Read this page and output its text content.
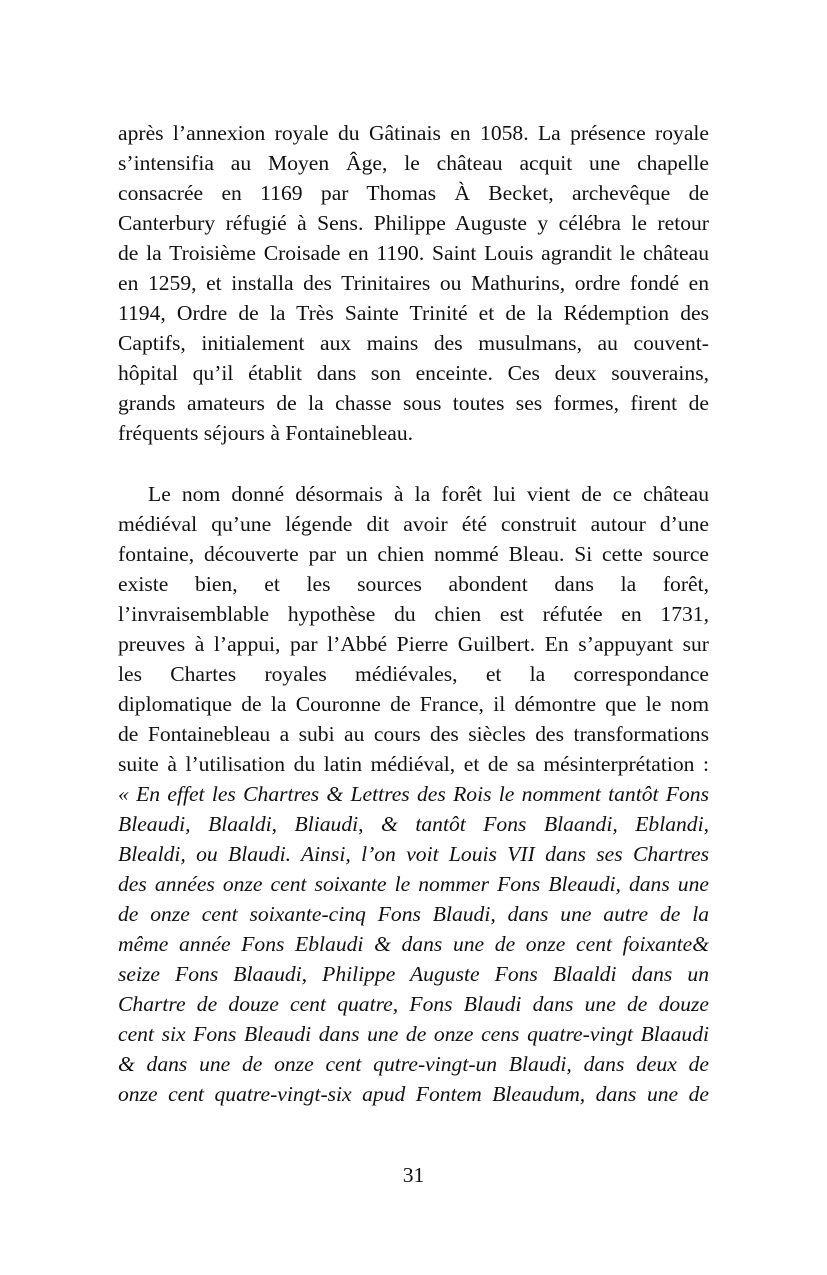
après l’annexion royale du Gâtinais en 1058. La présence royale
s’intensifia au Moyen Âge, le château acquit une chapelle
consacrée en 1169 par Thomas À Becket, archevêque de
Canterbury réfugié à Sens. Philippe Auguste y célébra le retour
de la Troisième Croisade en 1190. Saint Louis agrandit le château
en 1259, et installa des Trinitaires ou Mathurins, ordre fondé en
1194, Ordre de la Très Sainte Trinité et de la Rédemption des
Captifs, initialement aux mains des musulmans, au couvent-
hôpital qu’il établit dans son enceinte. Ces deux souverains,
grands amateurs de la chasse sous toutes ses formes, firent de
fréquents séjours à Fontainebleau.
Le nom donné désormais à la forêt lui vient de ce château
médiéval qu’une légende dit avoir été construit autour d’une
fontaine, découverte par un chien nommé Bleau. Si cette source
existe bien, et les sources abondent dans la forêt,
l’invraisemblable hypothèse du chien est réfutée en 1731,
preuves à l’appui, par l’Abbé Pierre Guilbert. En s’appuyant sur
les Chartes royales médiévales, et la correspondance
diplomatique de la Couronne de France, il démontre que le nom
de Fontainebleau a subi au cours des siècles des transformations
suite à l’utilisation du latin médiéval, et de sa mésinterprétation :
« En effet les Chartres & Lettres des Rois le nomment tantôt Fons
Bleaudi, Blaaldi, Bliaudi, & tantôt Fons Blaandi, Eblandi,
Blealdi, ou Blaudi. Ainsi, l’on voit Louis VII dans ses Chartres
des années onze cent soixante le nommer Fons Bleaudi, dans une
de onze cent soixante-cinq Fons Blaudi, dans une autre de la
même année Fons Eblaudi & dans une de onze cent foixante&
seize Fons Blaaudi, Philippe Auguste Fons Blaaldi dans un
Chartre de douze cent quatre, Fons Blaudi dans une de douze
cent six Fons Bleaudi dans une de onze cens quatre-vingt Blaaudi
& dans une de onze cent qutre-vingt-un Blaudi, dans deux de
onze cent quatre-vingt-six apud Fontem Bleaudum, dans une de
31
